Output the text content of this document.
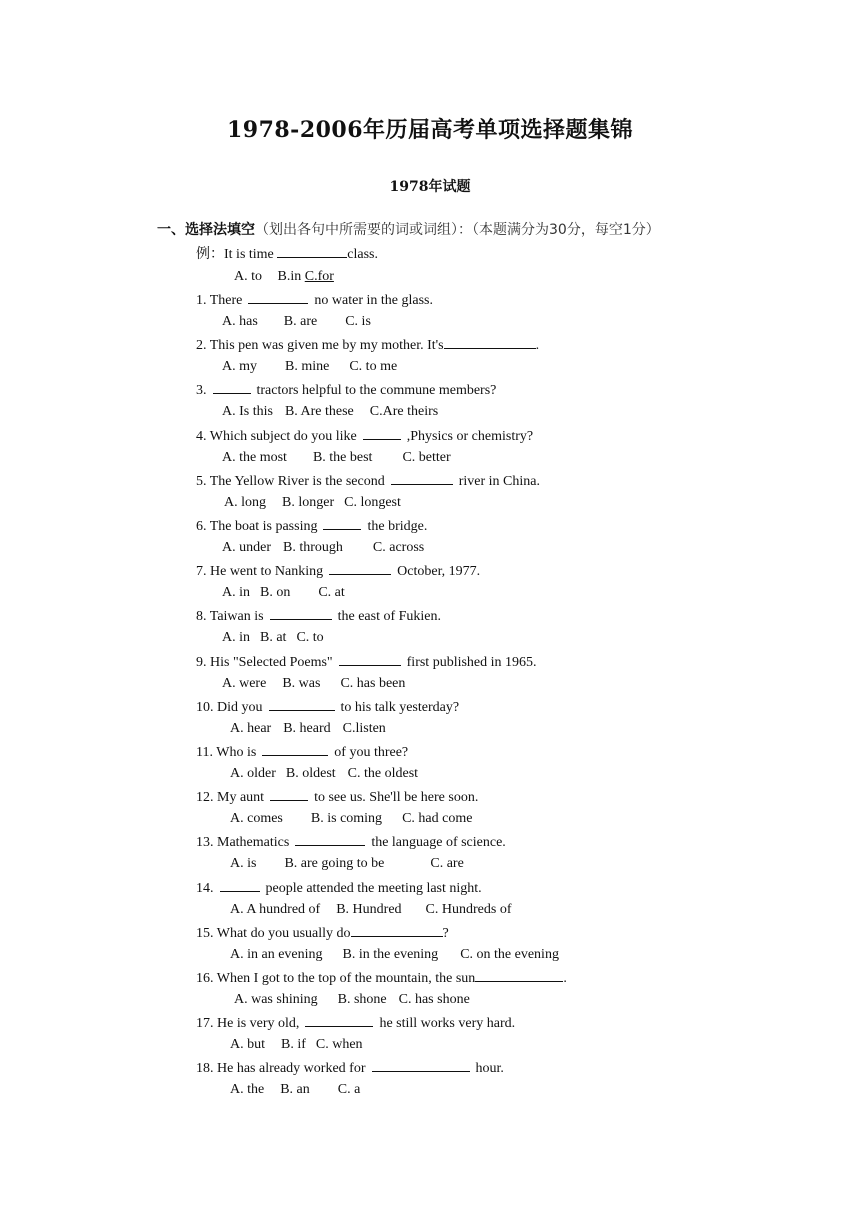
1978-2006年历届高考单项选择题集锦
1978年试题
一、选择法填空（划出各句中所需要的词或词组）：（本题满分为30分，每空1分）
例：It is time	class.
A. to B.in C.for
1. There	no water in the glass.
A. has B. are C. is
2. This pen was given me by my mother. It's	.
A. my B. mine C. to me
3.	tractors helpful to the commune members?
A. Is this B. Are these C.Are theirs
4. Which subject do you like	,Physics or chemistry?
A. the most B. the best C. better
5. The Yellow River is the second	river in China.
A. long B. longer C. longest
6. The boat is passing	the bridge.
A. under B. through C. across
7. He went to Nanking	October, 1977.
A. in B. on C. at
8. Taiwan is	the east of Fukien.
A. in B. at C. to
9. His "Selected Poems"	first published in 1965.
A. were B. was C. has been
10. Did you	to his talk yesterday?
A. hear B. heard C.listen
11. Who is	of you three?
A. older B. oldest C. the oldest
12. My aunt	to see us. She'll be here soon.
A. comes B. is coming C. had come
13. Mathematics	the language of science.
A. is B. are going to be	C. are
14.	people attended the meeting last night.
A. A hundred of B. Hundred C. Hundreds of
15. What do you usually do	?
A. in an evening B. in the evening C. on the evening
16. When I got to the top of the mountain, the sun	.
A. was shining B. shone C. has shone
17. He is very old,	he still works very hard.
A. but B. if C. when
18. He has already worked for	hour.
A. the B. an C. a
